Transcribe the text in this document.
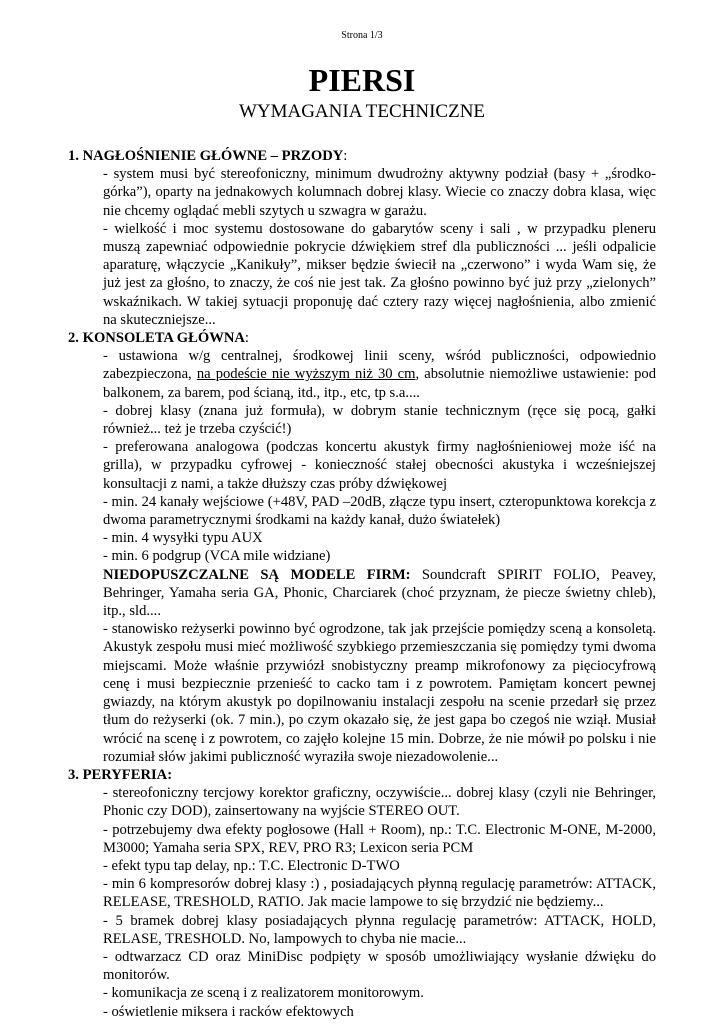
Strona 1/3
PIERSI
WYMAGANIA TECHNICZNE
1. NAGŁOŚNIENIE GŁÓWNE – PRZODY:

- system musi być stereofoniczny, minimum dwudrożny aktywny podział (basy + „środko-górka”), oparty na jednakowych kolumnach dobrej klasy. Wiecie co znaczy dobra klasa, więc nie chcemy oglądać mebli szytych u szwagra w garażu.

- wielkość i moc systemu dostosowane do gabarytów sceny i sali , w przypadku pleneru muszą zapewniać odpowiednie pokrycie dźwiękiem stref dla publiczności ... jeśli odpalicie aparaturę, włączycie „Kanikuły”, mikser będzie świecił na „czerwono” i wyda Wam się, że już jest za głośno, to znaczy, że coś nie jest tak. Za głośno powinno być już przy „zielonych” wskaźnikach. W takiej sytuacji proponuję dać cztery razy więcej nagłośnienia, albo zmienić na skuteczniejsze...

2. KONSOLETA GŁÓWNA:

- ustawiona w/g centralnej, środkowej linii sceny, wśród publiczności, odpowiednio zabezpieczona, na podeście nie wyższym niż 30 cm, absolutnie niemożliwe ustawienie: pod balkonem, za barem, pod ścianą, itd., itp., etc, tp s.a....

- dobrej klasy (znana już formuła), w dobrym stanie technicznym (ręce się pocą, gałki również... też je trzeba czyścić!)

- preferowana analogowa (podczas koncertu akustyk firmy nagłośnieniowej może iść na grilla), w przypadku cyfrowej - konieczność stałej obecności akustyka i wcześniejszej konsultacji z nami, a także dłuższy czas próby dźwiękowej

- min. 24 kanały wejściowe (+48V, PAD –20dB, złącze typu insert, czteropunktowa korekcja z dwoma parametrycznymi środkami na każdy kanał, dużo światełek)

- min. 4 wysyłki typu AUX

- min. 6 podgrup (VCA mile widziane)

NIEDOPUSZCZALNE SĄ MODELE FIRM: Soundcraft SPIRIT FOLIO, Peavey, Behringer, Yamaha seria GA, Phonic, Charciarek (choć przyznam, że piecze świetny chleb), itp., sld....

- stanowisko reżyserki powinno być ogrodzone, tak jak przejście pomiędzy sceną a konsoletą. Akustyk zespołu musi mieć możliwość szybkiego przemieszczania się pomiędzy tymi dwoma miejscami. Może właśnie przywiózł snobistyczny preamp mikrofonowy za pięciocyfrową cenę i musi bezpiecznie przenieść to cacko tam i z powrotem. Pamiętam koncert pewnej gwiazdy, na którym akustyk po dopilnowaniu instalacji zespołu na scenie przedarł się przez tłum do reżyserki (ok. 7 min.), po czym okazało się, że jest gapa bo czegoś nie wziął. Musiał wrócić na scenę i z powrotem, co zajęło kolejne 15 min. Dobrze, że nie mówił po polsku i nie rozumiał słów jakimi publiczność wyraziła swoje niezadowolenie...

3. PERYFERIA:

- stereofoniczny tercjowy korektor graficzny, oczywiście... dobrej klasy (czyli nie Behringer, Phonic czy DOD), zainsertowany na wyjście STEREO OUT.

- potrzebujemy dwa efekty pogłosowe (Hall + Room), np.: T.C. Electronic M-ONE, M-2000, M3000; Yamaha seria SPX, REV, PRO R3; Lexicon seria PCM

- efekt typu tap delay, np.: T.C. Electronic D-TWO

- min 6 kompresorów dobrej klasy :) , posiadających płynną regulację parametrów: ATTACK, RELEASE, TRESHOLD, RATIO. Jak macie lampowe to się brzydzić nie będziemy...

- 5 bramek dobrej klasy posiadających płynna regulację parametrów: ATTACK, HOLD, RELASE, TRESHOLD. No, lampowych to chyba nie macie...

- odtwarzacz CD oraz MiniDisc podpięty w sposób umożliwiający wysłanie dźwięku do monitorów.

- komunikacja ze sceną i z realizatorem monitorowym.

- oświetlenie miksera i racków efektowych
